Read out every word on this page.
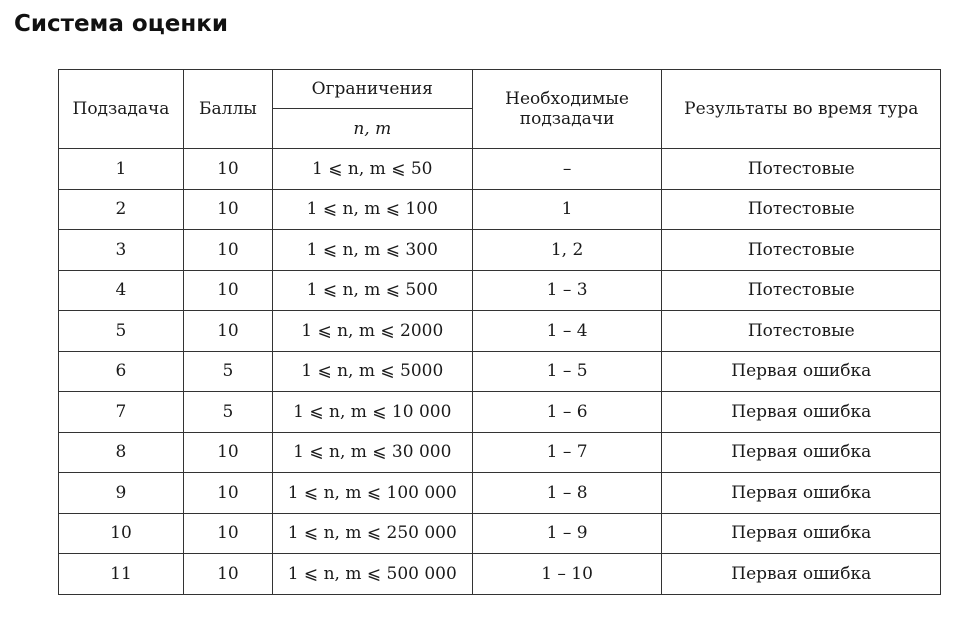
Система оценки
Подзадача	Баллы	Ограничения	Необходимые подзадачи	Результаты во время тура
		n, m		
1	10	1 ⩽ n, m ⩽ 50	–	Потестовые
2	10	1 ⩽ n, m ⩽ 100	1	Потестовые
3	10	1 ⩽ n, m ⩽ 300	1, 2	Потестовые
4	10	1 ⩽ n, m ⩽ 500	1 – 3	Потестовые
5	10	1 ⩽ n, m ⩽ 2000	1 – 4	Потестовые
6	5	1 ⩽ n, m ⩽ 5000	1 – 5	Первая ошибка
7	5	1 ⩽ n, m ⩽ 10 000	1 – 6	Первая ошибка
8	10	1 ⩽ n, m ⩽ 30 000	1 – 7	Первая ошибка
9	10	1 ⩽ n, m ⩽ 100 000	1 – 8	Первая ошибка
10	10	1 ⩽ n, m ⩽ 250 000	1 – 9	Первая ошибка
11	10	1 ⩽ n, m ⩽ 500 000	1 – 10	Первая ошибка
